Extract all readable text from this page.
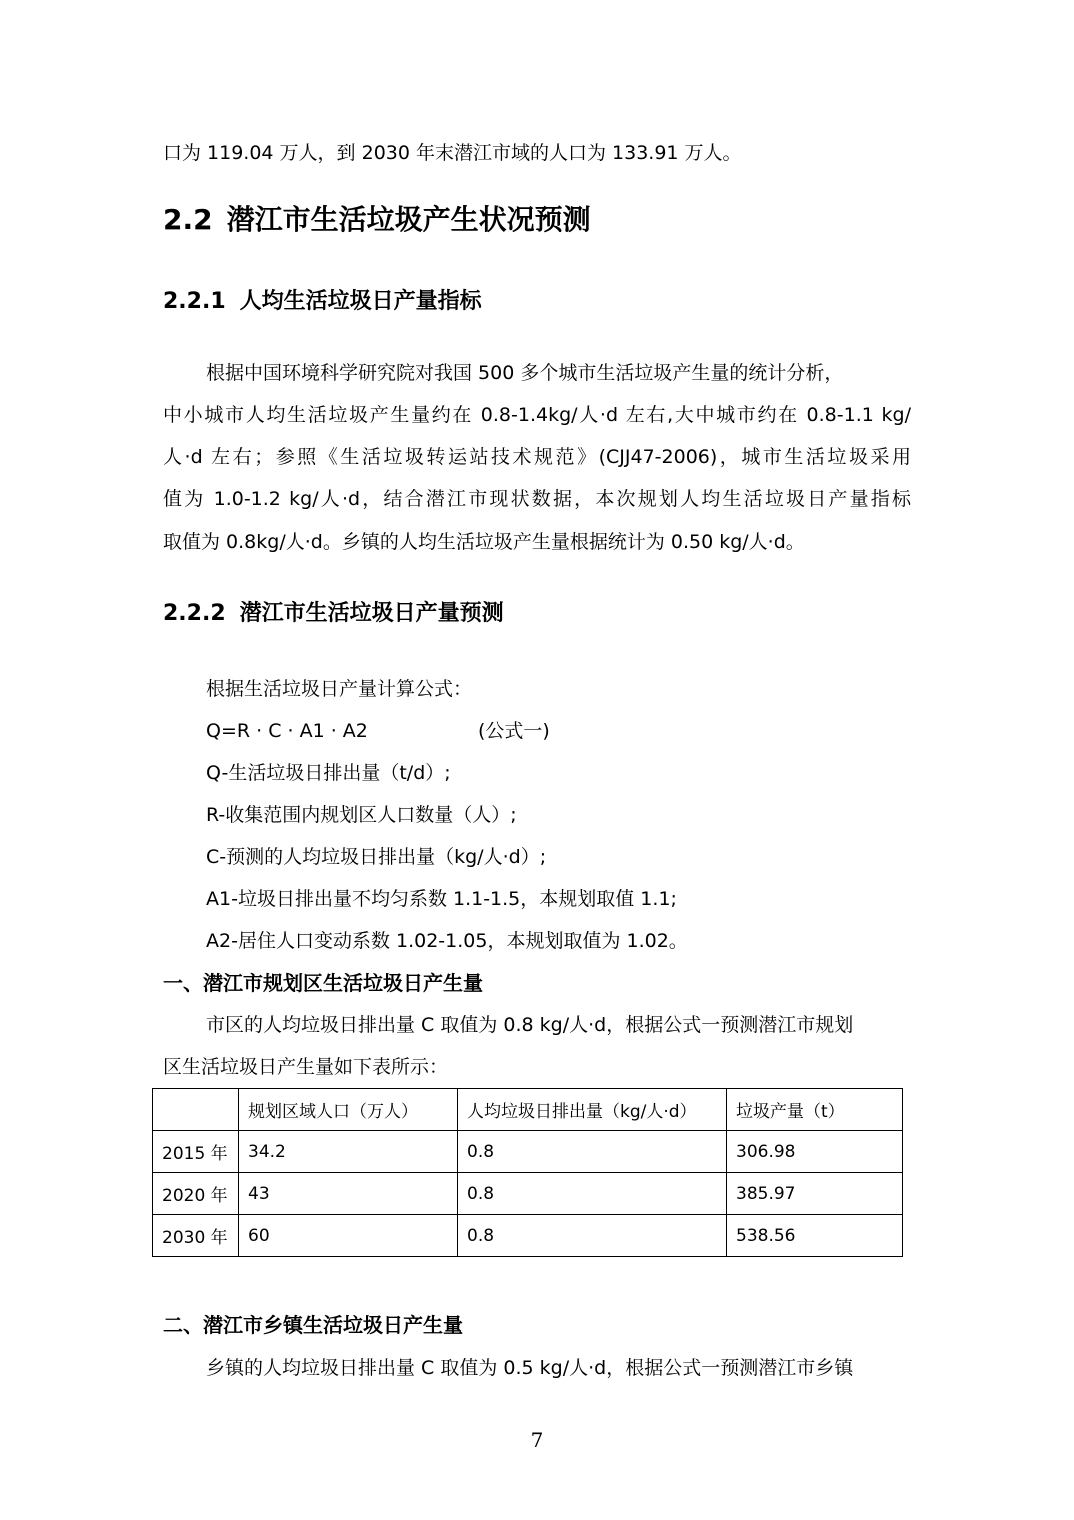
口为 119.04 万人，到 2030 年末潜江市域的人口为 133.91 万人。
2.2 潜江市生活垃圾产生状况预测
2.2.1 人均生活垃圾日产量指标
根据中国环境科学研究院对我国 500 多个城市生活垃圾产生量的统计分析，
中小城市人均生活垃圾产生量约在 0.8-1.4kg/人·d 左右,大中城市约在 0.8-1.1 kg/
人·d 左右；参照《生活垃圾转运站技术规范》(CJJ47-2006)，城市生活垃圾采用
值为 1.0-1.2 kg/人·d，结合潜江市现状数据，本次规划人均生活垃圾日产量指标
取值为 0.8kg/人·d。乡镇的人均生活垃圾产生量根据统计为 0.50 kg/人·d。
2.2.2 潜江市生活垃圾日产量预测
根据生活垃圾日产量计算公式：
Q=R · C · A1 · A2	(公式一)
Q-生活垃圾日排出量（t/d）;
R-收集范围内规划区人口数量（人）;
C-预测的人均垃圾日排出量（kg/人·d）;
A1-垃圾日排出量不均匀系数 1.1-1.5，本规划取值 1.1;
A2-居住人口变动系数 1.02-1.05，本规划取值为 1.02。
一、潜江市规划区生活垃圾日产生量
市区的人均垃圾日排出量 C 取值为 0.8 kg/人·d，根据公式一预测潜江市规划
区生活垃圾日产生量如下表所示：
	规划区域人口（万人）	人均垃圾日排出量（kg/人·d）	垃圾产量（t）
2015 年	34.2	0.8	306.98
2020 年	43	0.8	385.97
2030 年	60	0.8	538.56
二、潜江市乡镇生活垃圾日产生量
乡镇的人均垃圾日排出量 C 取值为 0.5 kg/人·d，根据公式一预测潜江市乡镇
7
